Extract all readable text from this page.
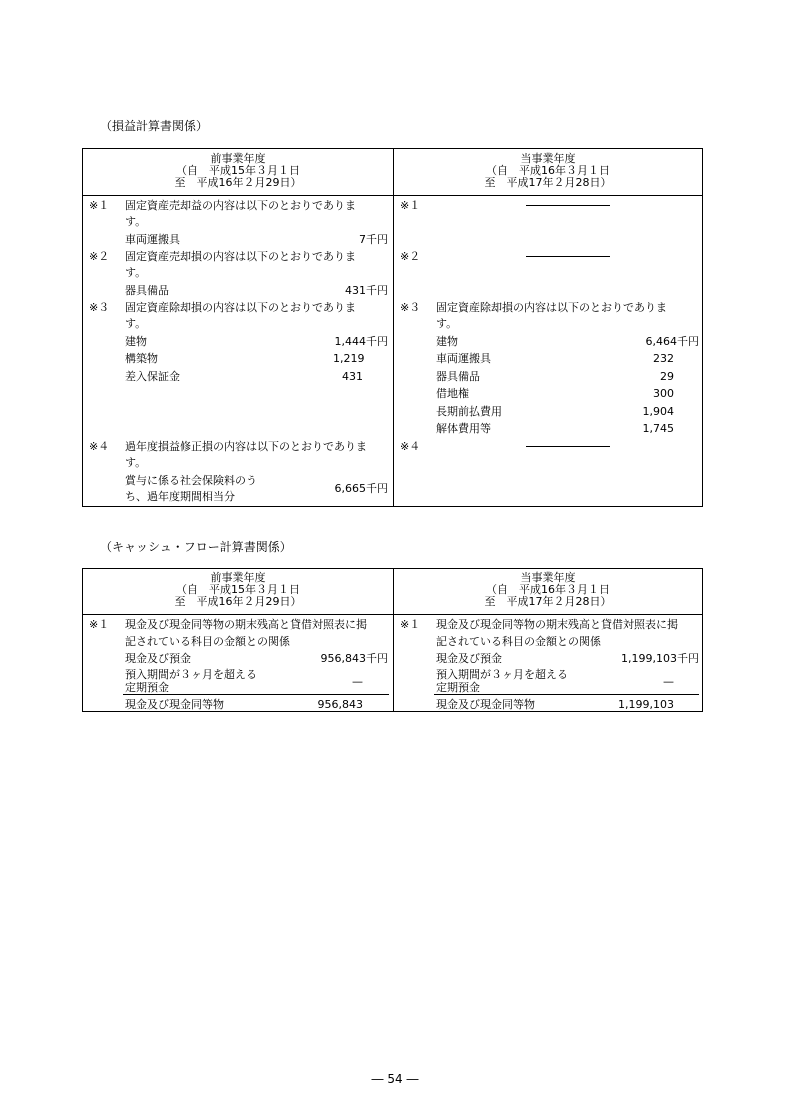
（損益計算書関係）
前事業年度
（自　平成15年３月１日
至　平成16年２月29日）
当事業年度
（自　平成16年３月１日
至　平成17年２月28日）
※１ 固定資産売却益の内容は以下のとおりでありま
す。
車両運搬具	7千円
※２ 固定資産売却損の内容は以下のとおりでありま
す。
器具備品	431千円
※３ 固定資産除却損の内容は以下のとおりでありま
す。
建物	1,444千円
構築物	1,219
差入保証金	431
※４ 過年度損益修正損の内容は以下のとおりでありま
す。
賞与に係る社会保険料のう
ち、過年度期間相当分
6,665千円
※１
※２
※３ 固定資産除却損の内容は以下のとおりでありま
す。
建物	6,464千円
車両運搬具	232
器具備品	29
借地権	300
長期前払費用	1,904
解体費用等	1,745
※４
（キャッシュ・フロー計算書関係）
前事業年度
（自　平成15年３月１日
至　平成16年２月29日）
当事業年度
（自　平成16年３月１日
至　平成17年２月28日）
※１ 現金及び現金同等物の期末残高と貸借対照表に掲
記されている科目の金額との関係
現金及び預金	956,843千円
預入期間が３ヶ月を超える
定期預金	—
現金及び現金同等物	956,843
※１ 現金及び現金同等物の期末残高と貸借対照表に掲
記されている科目の金額との関係
現金及び預金	1,199,103千円
預入期間が３ヶ月を超える
定期預金	—
現金及び現金同等物	1,199,103
― 54 ―
